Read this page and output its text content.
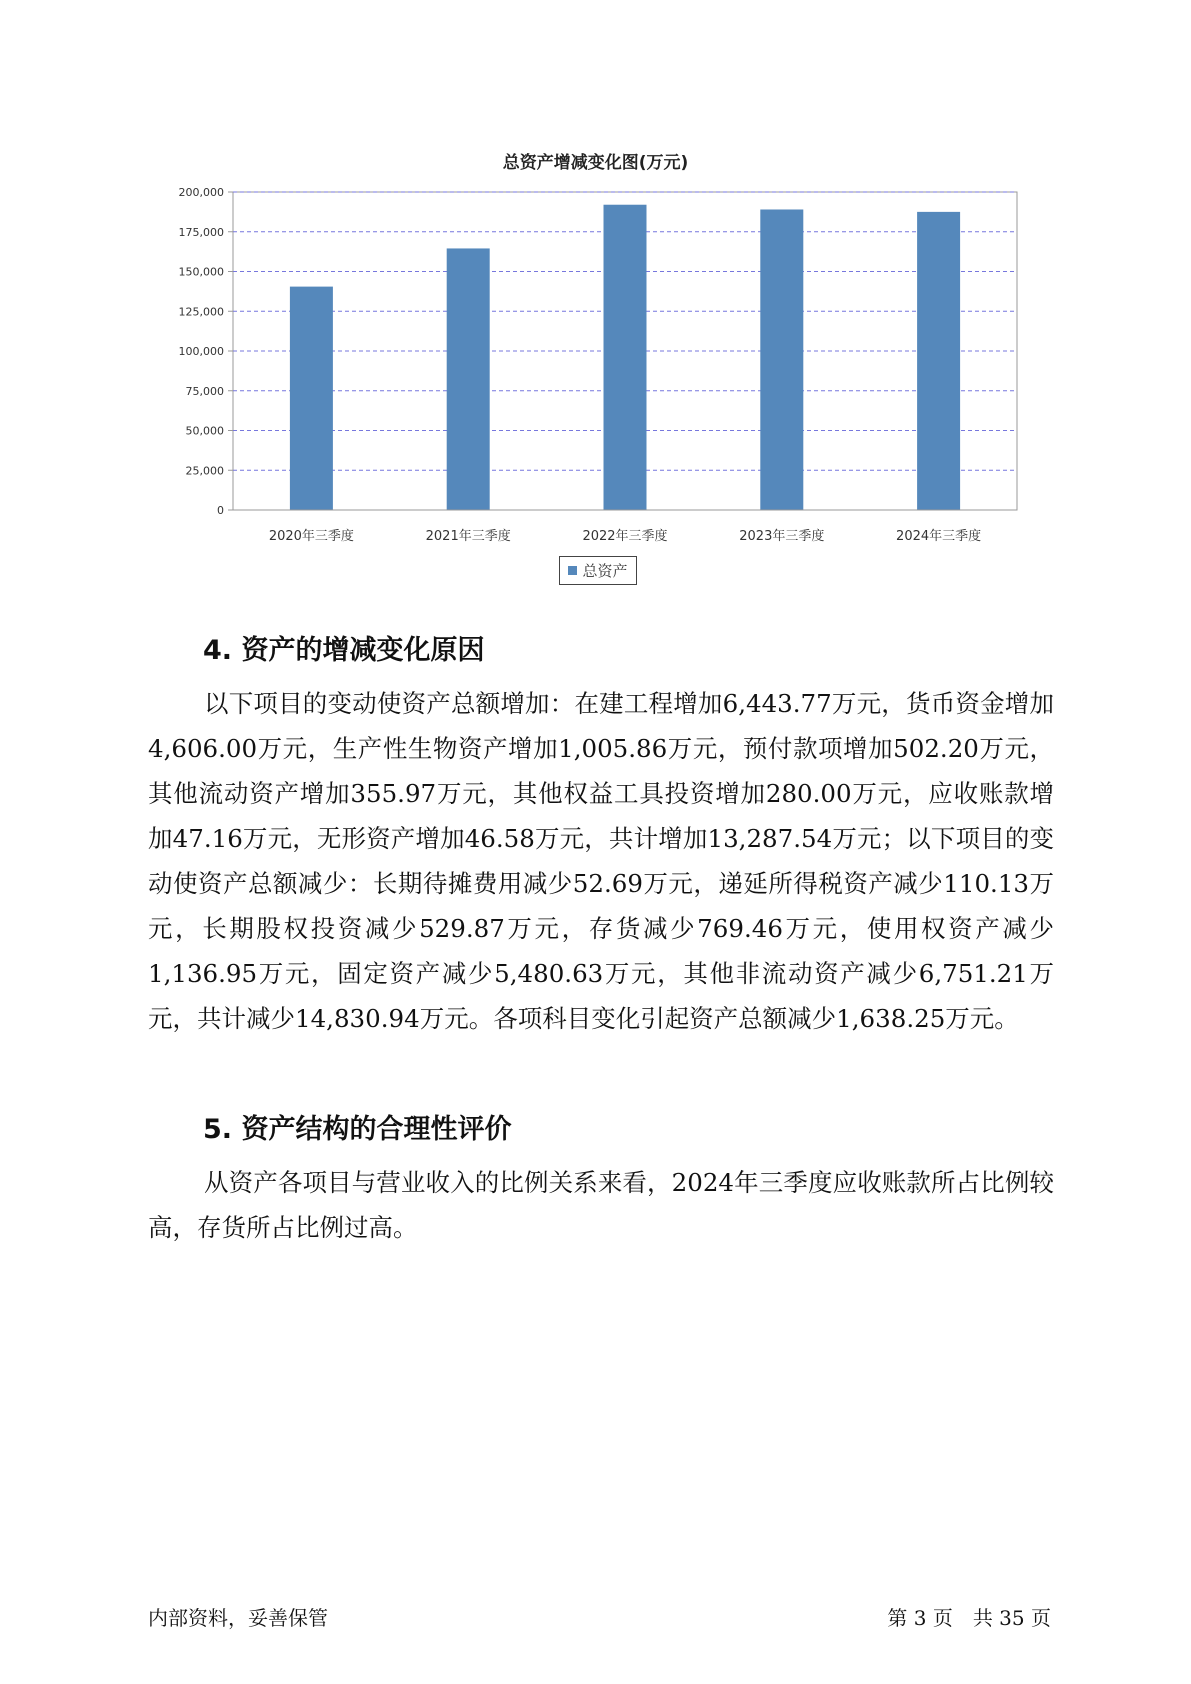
总资产增减变化图(万元)
0
25,000
50,000
75,000
100,000
125,000
150,000
175,000
200,000
2020年三季度	2021年三季度	2022年三季度	2023年三季度	2024年三季度
总资产
4. 资产的增减变化原因

以下项目的变动使资产总额增加：在建工程增加6,443.77万元，货币资金增加4,606.00万元，生产性生物资产增加1,005.86万元，预付款项增加502.20万元，其他流动资产增加355.97万元，其他权益工具投资增加280.00万元，应收账款增加47.16万元，无形资产增加46.58万元，共计增加13,287.54万元；以下项目的变动使资产总额减少：长期待摊费用减少52.69万元，递延所得税资产减少110.13万元，长期股权投资减少529.87万元，存货减少769.46万元，使用权资产减少1,136.95万元，固定资产减少5,480.63万元，其他非流动资产减少6,751.21万元，共计减少14,830.94万元。各项科目变化引起资产总额减少1,638.25万元。

5. 资产结构的合理性评价

从资产各项目与营业收入的比例关系来看，2024年三季度应收账款所占比例较高，存货所占比例过高。

内部资料，妥善保管	第 3 页　共 35 页
